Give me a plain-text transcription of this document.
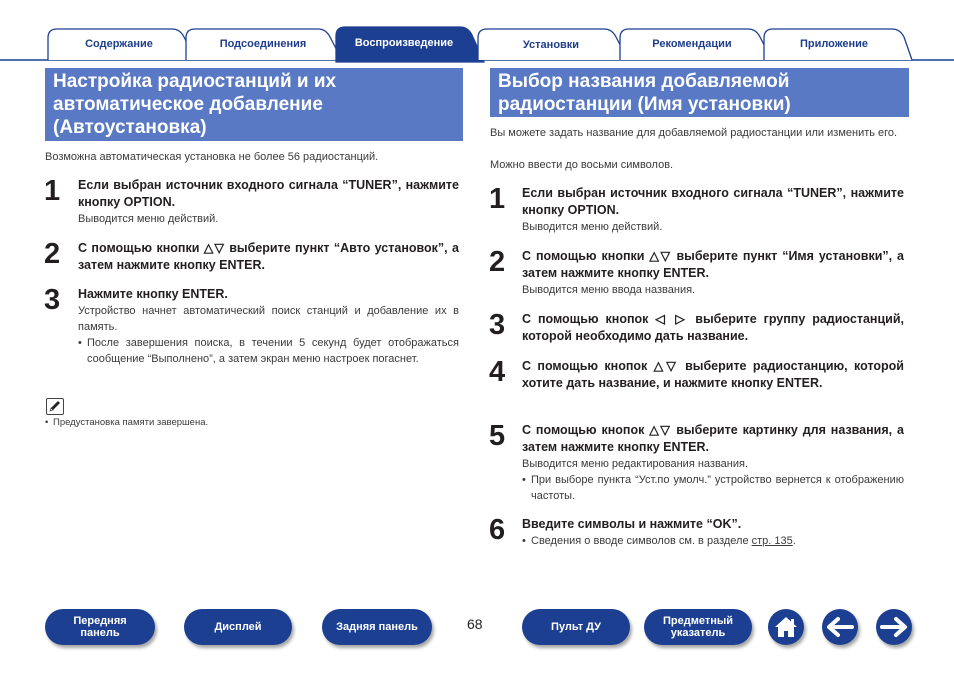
Содержание	Подсоединения	Воспроизведение	Установки	Рекомендации	Приложение
Настройка радиостанций и их автоматическое добавление (Автоустановка)
Возможна автоматическая установка не более 56 радиостанций.
1 Если выбран источник входного сигнала “TUNER”, нажмите кнопку OPTION.
Выводится меню действий.
2 С помощью кнопки △▽ выберите пункт “Авто установок”, а затем нажмите кнопку ENTER.
3 Нажмите кнопку ENTER.
Устройство начнет автоматический поиск станций и добавление их в память.
• После завершения поиска, в течении 5 секунд будет отображаться сообщение “Выполнено”, а затем экран меню настроек погаснет.
• Предустановка памяти завершена.
Выбор названия добавляемой радиостанции (Имя установки)
Вы можете задать название для добавляемой радиостанции или изменить его.
Можно ввести до восьми символов.
1 Если выбран источник входного сигнала “TUNER”, нажмите кнопку OPTION.
Выводится меню действий.
2 С помощью кнопки △▽ выберите пункт “Имя установки”, а затем нажмите кнопку ENTER.
Выводится меню ввода названия.
3 С помощью кнопок ◁ ▷ выберите группу радиостанций, которой необходимо дать название.
4 С помощью кнопок △▽ выберите радиостанцию, которой хотите дать название, и нажмите кнопку ENTER.
5 С помощью кнопок △▽ выберите картинку для названия, а затем нажмите кнопку ENTER.
Выводится меню редактирования названия.
• При выборе пункта “Уст.по умолч.” устройство вернется к отображению частоты.
6 Введите символы и нажмите “OK”.
• Сведения о вводе символов см. в разделе стр. 135.
Передняя
панель	Дисплей	Задняя панель	68	Пульт ДУ	Предметный
указатель
